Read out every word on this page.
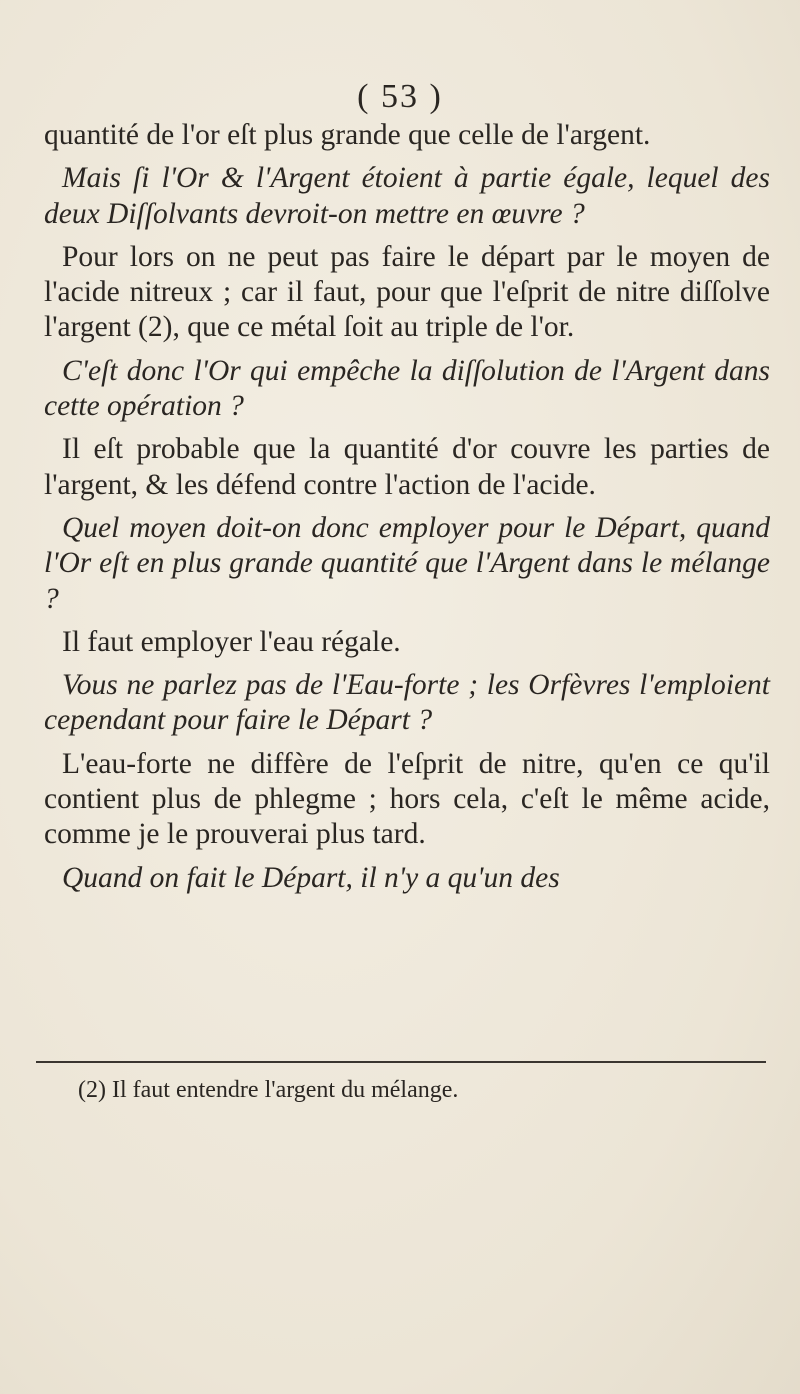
( 53 )

quantité de l'or eſt plus grande que celle de l'argent.

Mais ſi l'Or & l'Argent étoient à partie égale, lequel des deux Diſſolvants devroit-on mettre en œuvre ?

Pour lors on ne peut pas faire le départ par le moyen de l'acide nitreux ; car il faut, pour que l'eſprit de nitre diſſolve l'argent (2), que ce métal ſoit au triple de l'or.

C'eſt donc l'Or qui empêche la diſſolution de l'Argent dans cette opération ?

Il eſt probable que la quantité d'or couvre les parties de l'argent, & les défend contre l'action de l'acide.

Quel moyen doit-on donc employer pour le Départ, quand l'Or eſt en plus grande quantité que l'Argent dans le mélange ?

Il faut employer l'eau régale.

Vous ne parlez pas de l'Eau-forte ; les Orfèvres l'emploient cependant pour faire le Départ ?

L'eau-forte ne diffère de l'eſprit de nitre, qu'en ce qu'il contient plus de phlegme ; hors cela, c'eſt le même acide, comme je le prouverai plus tard.

Quand on fait le Départ, il n'y a qu'un des

(2) Il faut entendre l'argent du mélange.
